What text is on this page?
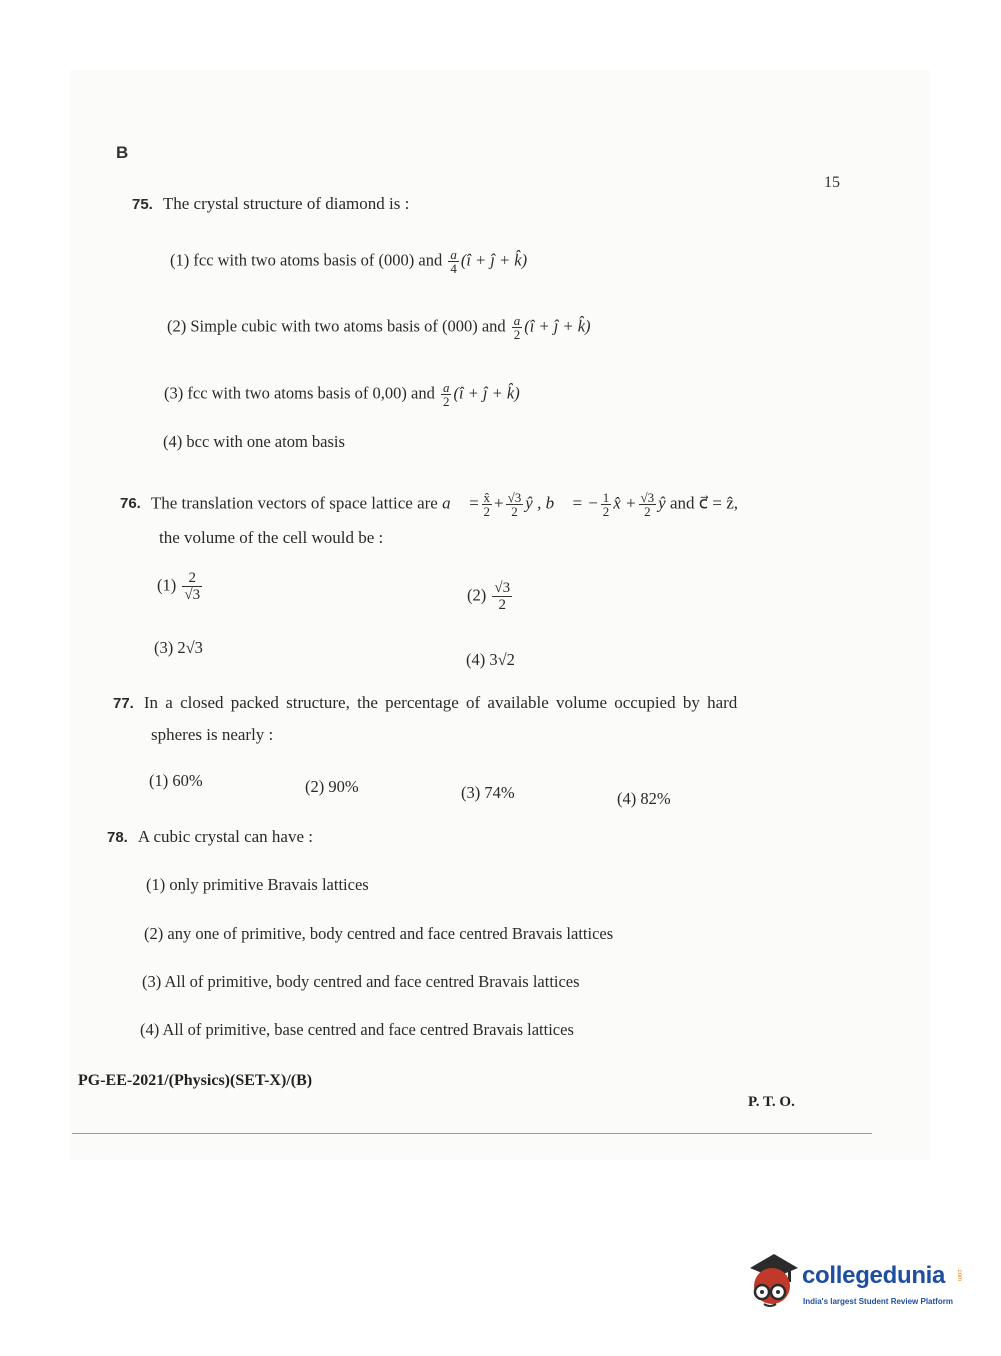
B
15
75. The crystal structure of diamond is :
(1) fcc with two atoms basis of (000) and $\frac{a}{4}$ (î + ĵ + k̂)
(2) Simple cubic with two atoms basis of (000) and $\frac{a}{2}$ (î + ĵ + k̂)
(3) fcc with two atoms basis of 0,00) and $\frac{a}{2}$ (î + ĵ + k̂)
(4) bcc with one atom basis
76. The translation vectors of space lattice are a⃗ = $\frac{x̂}{2} + \frac{√3}{2}$ ŷ , b⃗ = − $\frac{1}{2}$ x̂ + $\frac{√3}{2}$ ŷ and c⃗ = ẑ,
the volume of the cell would be :
$(1) \frac{2}{√3}$	$(2) \frac{√3}{2}$
(3) 2√3
(4) 3√2
77. In a closed packed structure, the percentage of available volume occupied by hard
spheres is nearly :
(1) 60%	(2) 90%	(3) 74%	(4) 82%
78. A cubic crystal can have :
(1) only primitive Bravais lattices
(2) any one of primitive, body centred and face centred Bravais lattices
(3) All of primitive, body centred and face centred Bravais lattices
(4) All of primitive, base centred and face centred Bravais lattices
PG-EE-2021/(Physics)(SET-X)/(B)
P. T. O.
collegedunia .com
India's largest Student Review Platform
